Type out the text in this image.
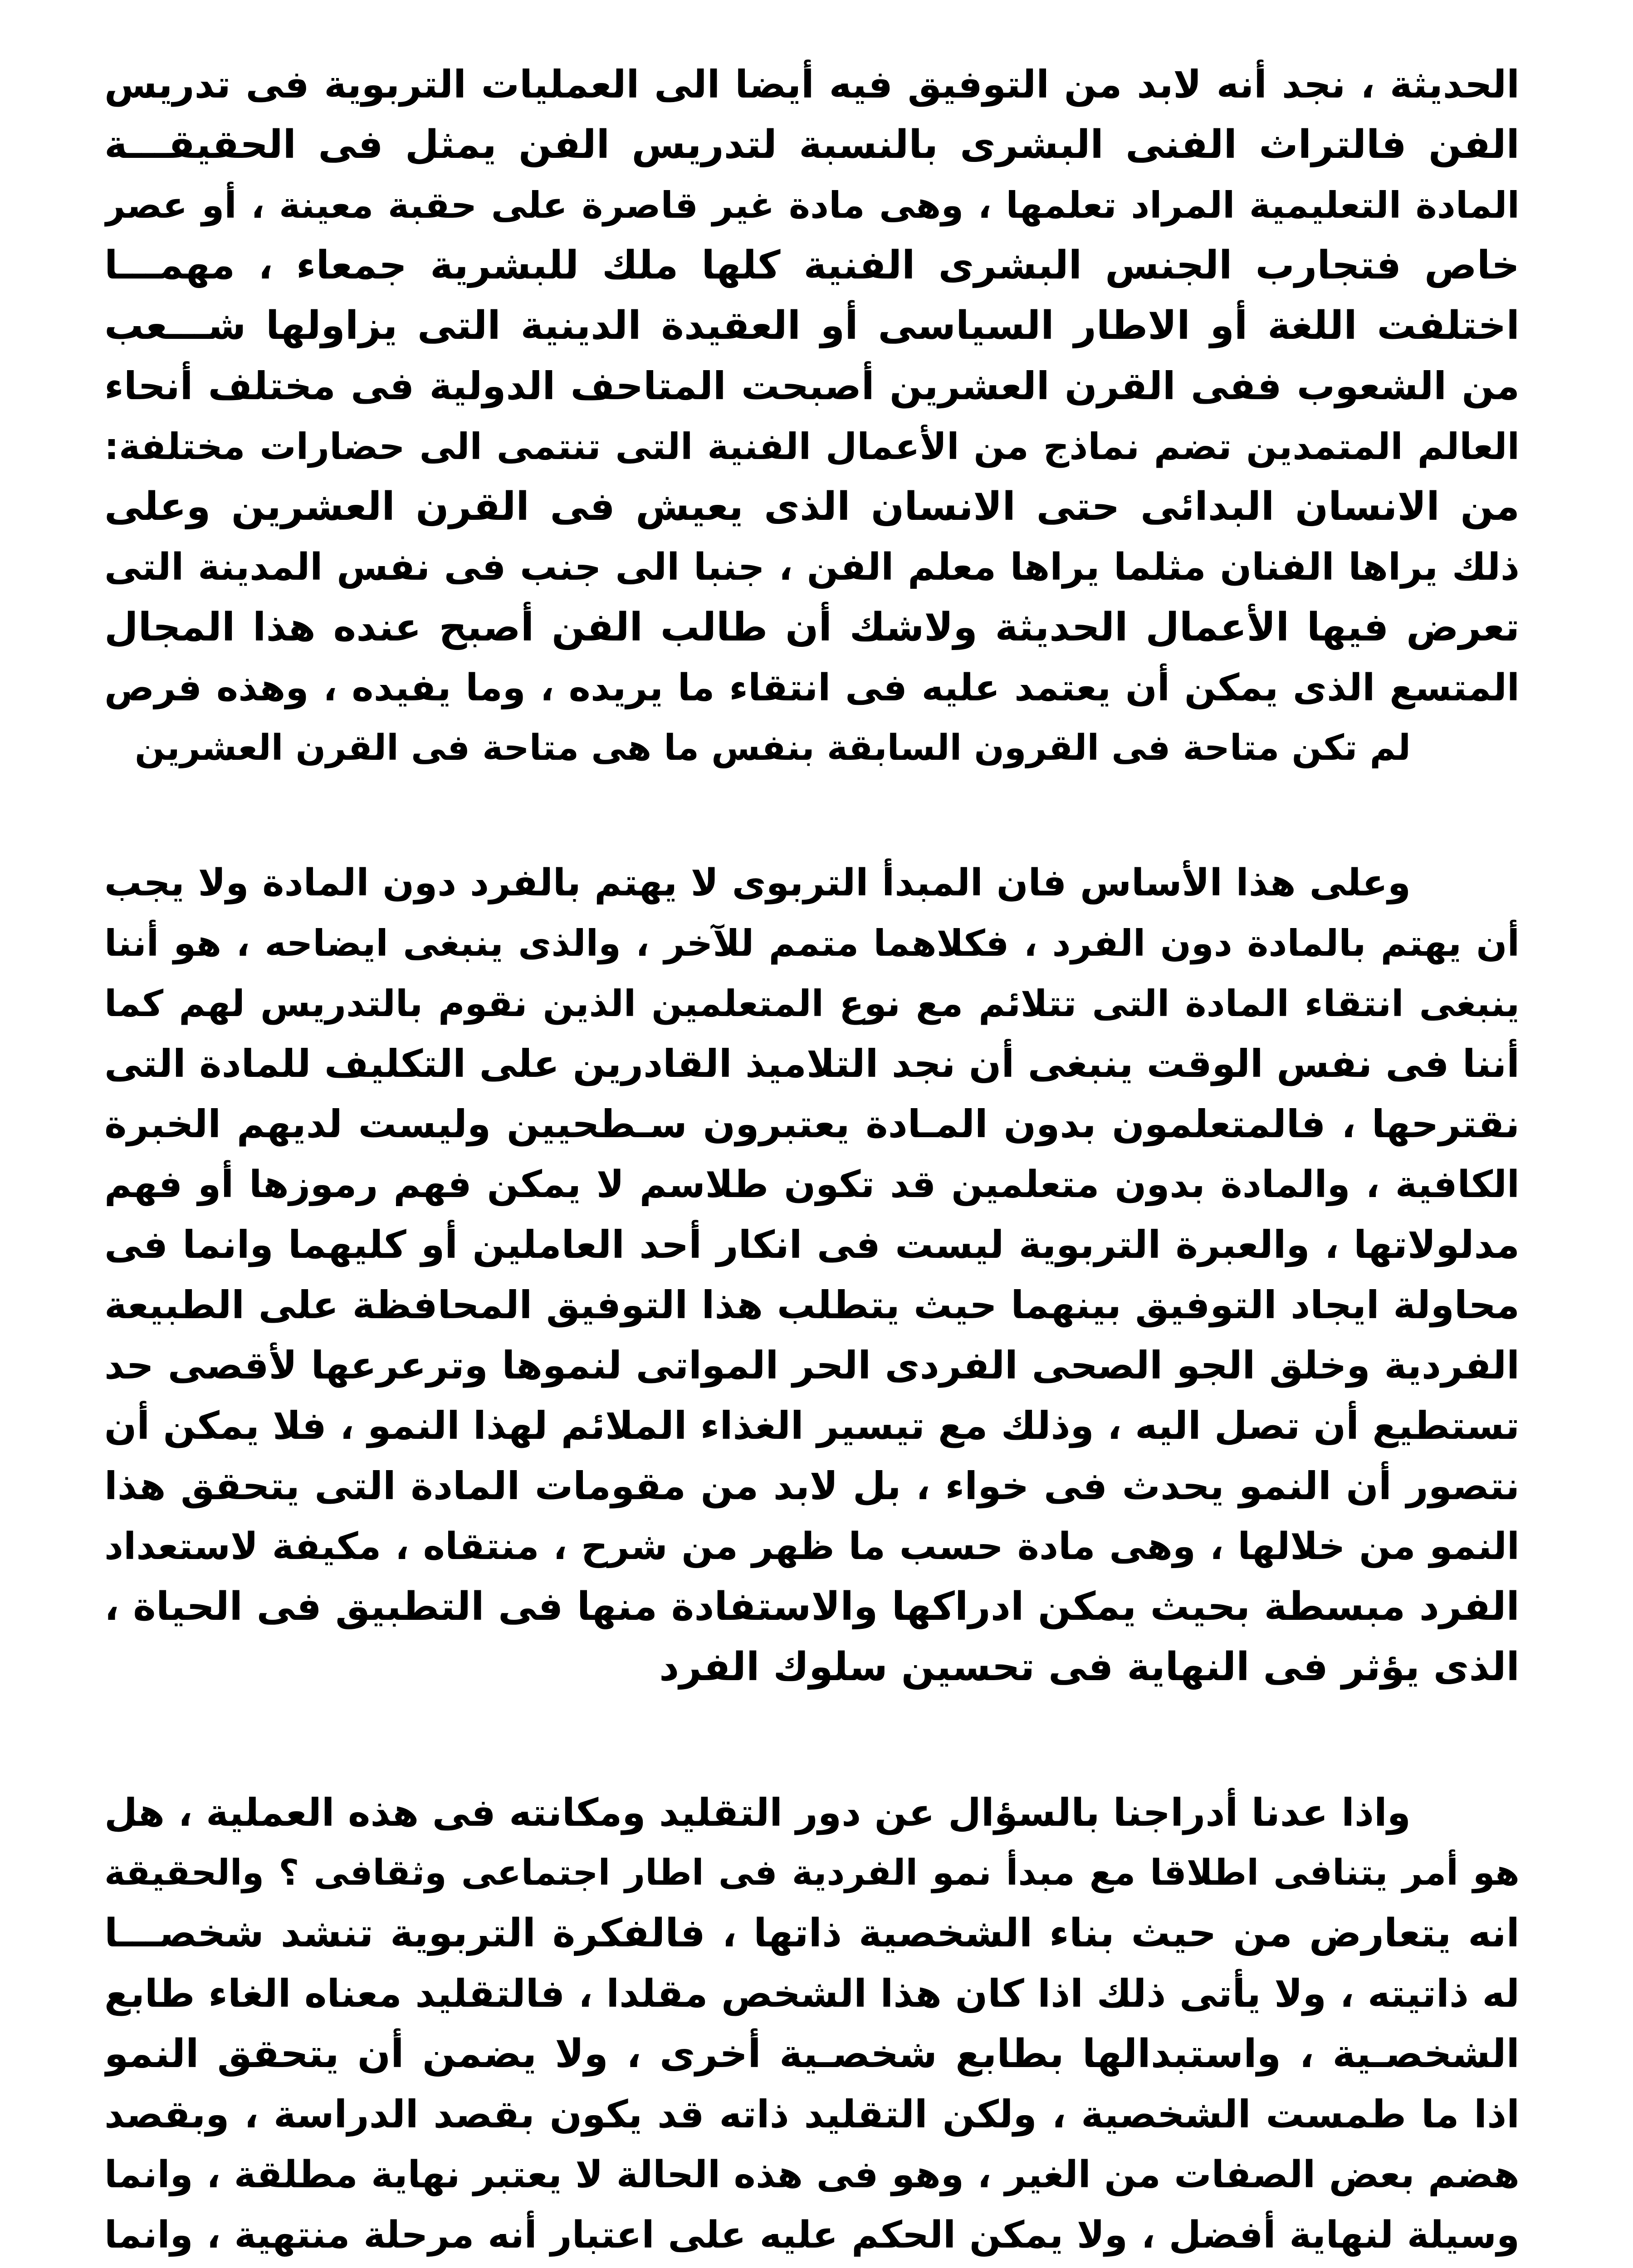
الحديثة ، نجد أنه لابد من التوفيق فيه أيضا الى العمليات التربوية فى تدريس
الفن فالتراث الفنى البشرى بالنسبة لتدريس الفن يمثل فى الحقيقـــة
المادة التعليمية المراد تعلمها ، وهى مادة غير قاصرة على حقبة معينة ، أو عصر
خاص فتجارب الجنس البشرى الفنية كلها ملك للبشرية جمعاء ، مهمـــا
اختلفت اللغة أو الاطار السياسى أو العقيدة الدينية التى يزاولها شـــعب
من الشعوب ففى القرن العشرين أصبحت المتاحف الدولية فى مختلف أنحاء
العالم المتمدين تضم نماذج من الأعمال الفنية التى تنتمى الى حضارات مختلفة:
من الانسان البدائى حتى الانسان الذى يعيش فى القرن العشرين وعلى
ذلك يراها الفنان مثلما يراها معلم الفن ، جنبا الى جنب فى نفس المدينة التى
تعرض فيها الأعمال الحديثة ولاشك أن طالب الفن أصبح عنده هذا المجال
المتسع الذى يمكن أن يعتمد عليه فى انتقاء ما يريده ، وما يفيده ، وهذه فرص
لم تكن متاحة فى القرون السابقة بنفس ما هى متاحة فى القرن العشرين
وعلى هذا الأساس فان المبدأ التربوى لا يهتم بالفرد دون المادة ولا يجب
أن يهتم بالمادة دون الفرد ، فكلاهما متمم للآخر ، والذى ينبغى ايضاحه ، هو أننا
ينبغى انتقاء المادة التى تتلائم مع نوع المتعلمين الذين نقوم بالتدريس لهم كما
أننا فى نفس الوقت ينبغى أن نجد التلاميذ القادرين على التكليف للمادة التى
نقترحها ، فالمتعلمون بدون المـادة يعتبرون سـطحيين وليست لديهم الخبرة
الكافية ، والمادة بدون متعلمين قد تكون طلاسم لا يمكن فهم رموزها أو فهم
مدلولاتها ، والعبرة التربوية ليست فى انكار أحد العاملين أو كليهما وانما فى
محاولة ايجاد التوفيق بينهما حيث يتطلب هذا التوفيق المحافظة على الطبيعة
الفردية وخلق الجو الصحى الفردى الحر المواتى لنموها وترعرعها لأقصى حد
تستطيع أن تصل اليه ، وذلك مع تيسير الغذاء الملائم لهذا النمو ، فلا يمكن أن
نتصور أن النمو يحدث فى خواء ، بل لابد من مقومات المادة التى يتحقق هذا
النمو من خلالها ، وهى مادة حسب ما ظهر من شرح ، منتقاه ، مكيفة لاستعداد
الفرد مبسطة بحيث يمكن ادراكها والاستفادة منها فى التطبيق فى الحياة ،
الذى يؤثر فى النهاية فى تحسين سلوك الفرد
واذا عدنا أدراجنا بالسؤال عن دور التقليد ومكانته فى هذه العملية ، هل
هو أمر يتنافى اطلاقا مع مبدأ نمو الفردية فى اطار اجتماعى وثقافى ؟ والحقيقة
انه يتعارض من حيث بناء الشخصية ذاتها ، فالفكرة التربوية تنشد شخصـــا
له ذاتيته ، ولا يأتى ذلك اذا كان هذا الشخص مقلدا ، فالتقليد معناه الغاء طابع
الشخصـية ، واستبدالها بطابع شخصـية أخرى ، ولا يضمن أن يتحقق النمو
اذا ما طمست الشخصية ، ولكن التقليد ذاته قد يكون بقصد الدراسة ، وبقصد
هضم بعض الصفات من الغير ، وهو فى هذه الحالة لا يعتبر نهاية مطلقة ، وانما
وسيلة لنهاية أفضل ، ولا يمكن الحكم عليه على اعتبار أنه مرحلة منتهية ، وانما
